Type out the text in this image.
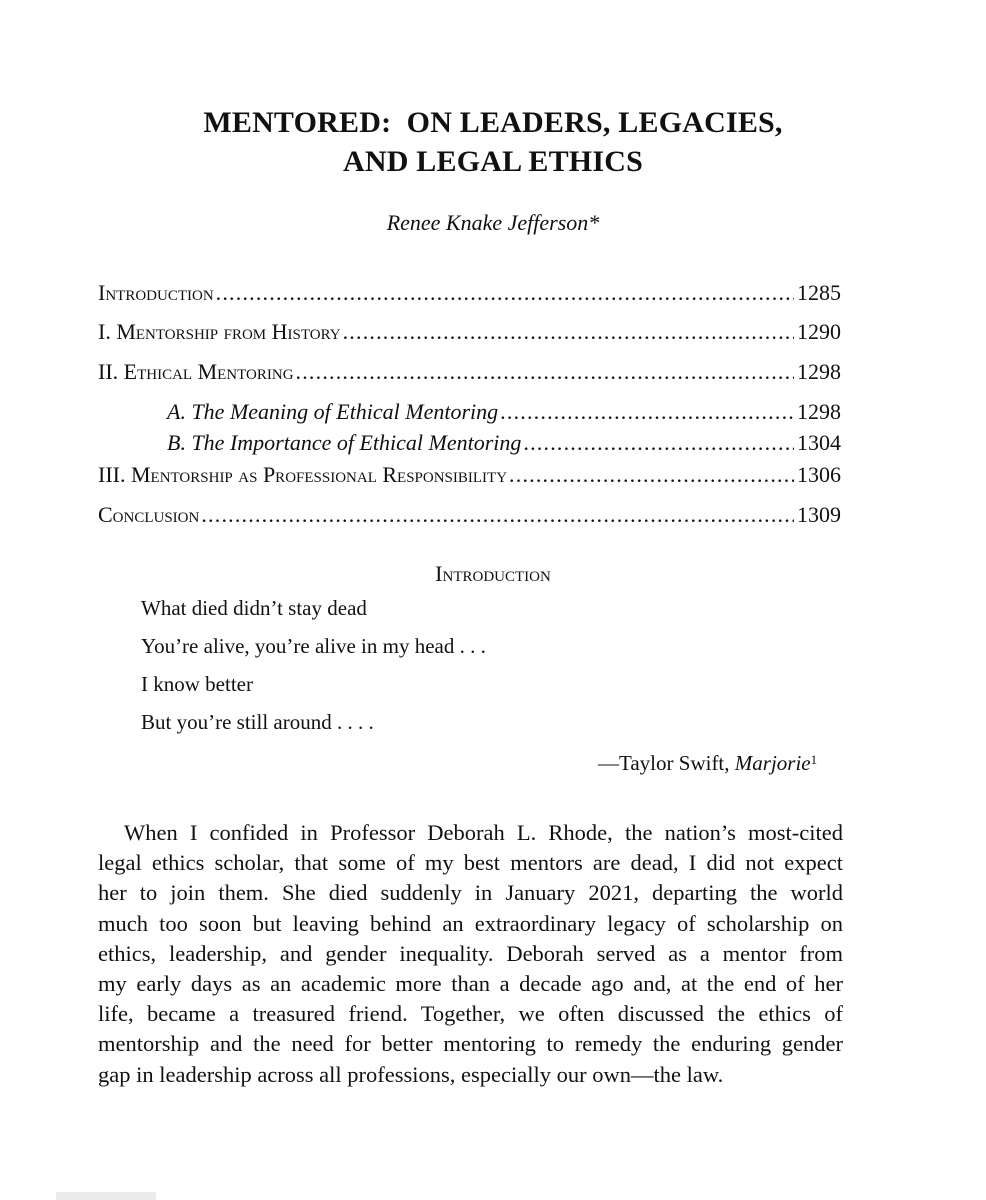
MENTORED:  ON LEADERS, LEGACIES,
AND LEGAL ETHICS
Renee Knake Jefferson*
Introduction .....	1285
I. Mentorship from History .....	1290
II. Ethical Mentoring .....	1298
A. The Meaning of Ethical Mentoring .....	1298
B. The Importance of Ethical Mentoring .....	1304
III. Mentorship as Professional Responsibility .....	1306
Conclusion .....	1309
Introduction
What died didn’t stay dead
You’re alive, you’re alive in my head . . .
I know better
But you’re still around . . . .
—Taylor Swift, Marjorie$^1$
When I confided in Professor Deborah L. Rhode, the nation’s most-cited
legal ethics scholar, that some of my best mentors are dead, I did not expect
her to join them. She died suddenly in January 2021, departing the world
much too soon but leaving behind an extraordinary legacy of scholarship on
ethics, leadership, and gender inequality. Deborah served as a mentor from
my early days as an academic more than a decade ago and, at the end of her
life, became a treasured friend. Together, we often discussed the ethics of
mentorship and the need for better mentoring to remedy the enduring gender
gap in leadership across all professions, especially our own—the law.
